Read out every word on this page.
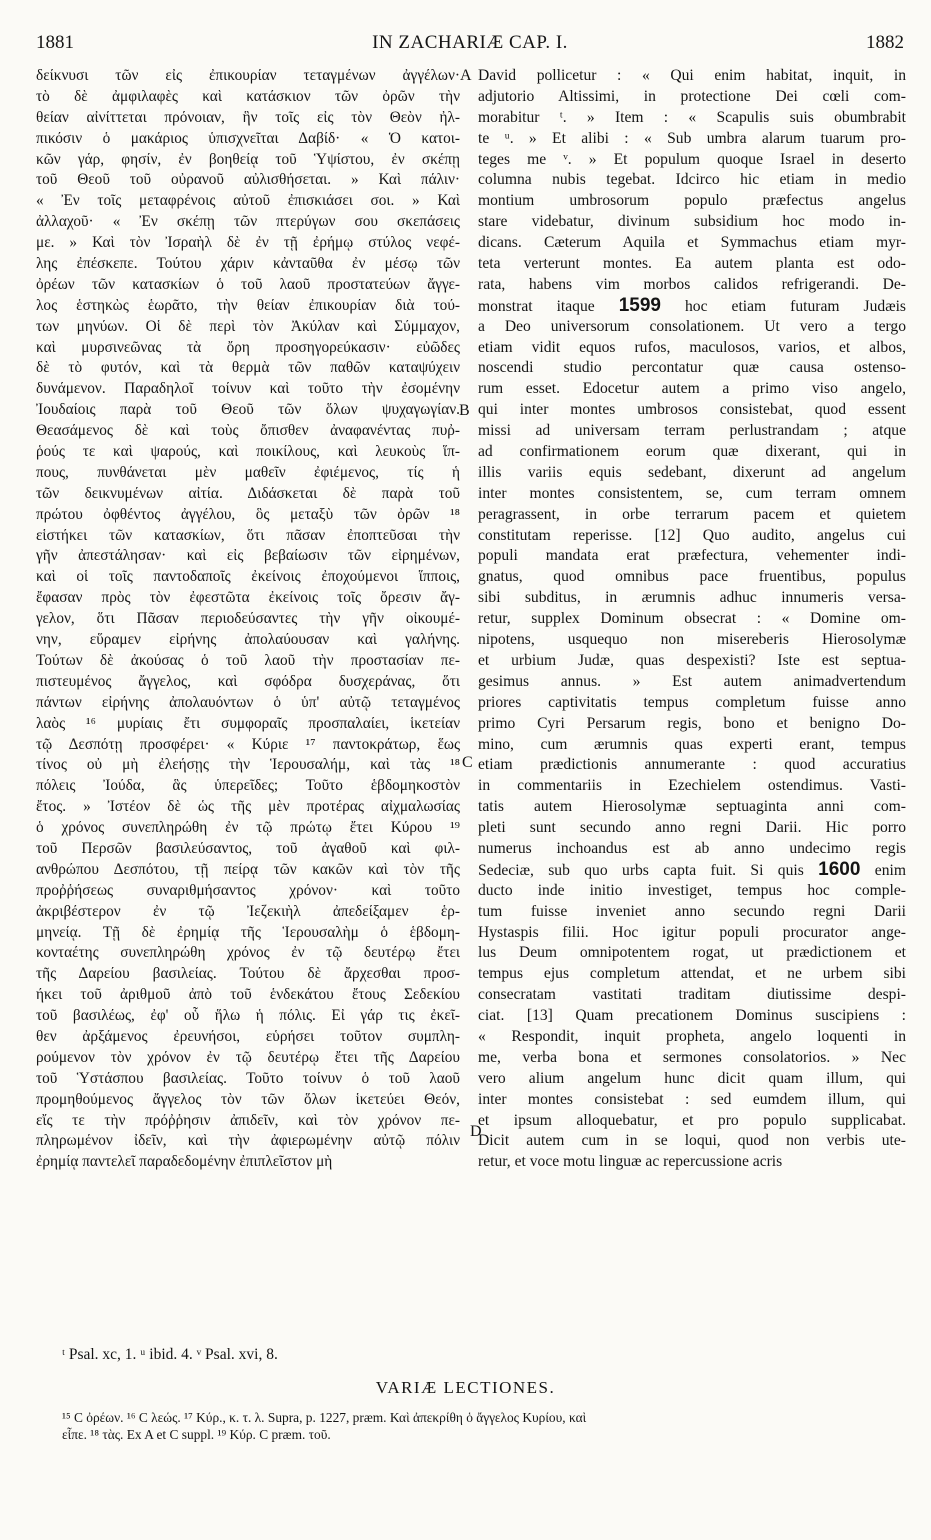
1881	IN ZACHARIÆ CAP. I.	1882
δείκνυσι τῶν εἰς ἐπικουρίαν τεταγμένων ἀγγέλων·
τὸ δὲ ἀμφιλαφὲς καὶ κατάσκιον τῶν ὀρῶν τὴν
θείαν αἰνίττεται πρόνοιαν, ἣν τοῖς εἰς τὸν Θεὸν ἠλ-
πικόσιν ὁ μακάριος ὑπισχνεῖται Δαβίδ· « Ὁ κατοι-
κῶν γάρ, φησίν, ἐν βοηθείᾳ τοῦ Ὑψίστου, ἐν σκέπῃ
τοῦ Θεοῦ τοῦ οὐρανοῦ αὐλισθήσεται. » Καὶ πάλιν·
« Ἐν τοῖς μεταφρένοις αὐτοῦ ἐπισκιάσει σοι. » Καὶ
ἀλλαχοῦ· « Ἐν σκέπῃ τῶν πτερύγων σου σκεπάσεις
με. » Καὶ τὸν Ἰσραὴλ δὲ ἐν τῇ ἐρήμῳ στύλος νεφέ-
λης ἐπέσκεπε. Τούτου χάριν κἀνταῦθα ἐν μέσῳ τῶν
ὀρέων τῶν κατασκίων ὁ τοῦ λαοῦ προστατεύων ἄγγε-
λος ἑστηκὼς ἑωρᾶτο, τὴν θείαν ἐπικουρίαν διὰ τού-
των μηνύων. Οἱ δὲ περὶ τὸν Ἀκύλαν καὶ Σύμμαχον,
καὶ μυρσινεῶνας τὰ ὄρη προσηγορεύκασιν· εὐῶδες
δὲ τὸ φυτόν, καὶ τὰ θερμὰ τῶν παθῶν καταψύχειν
δυνάμενον. Παραδηλοῖ τοίνυν καὶ τοῦτο τὴν ἐσομένην
Ἰουδαίοις παρὰ τοῦ Θεοῦ τῶν ὅλων ψυχαγωγίαν.
Θεασάμενος δὲ καὶ τοὺς ὄπισθεν ἀναφανέντας πυῤ-
ῥούς τε καὶ ψαρούς, καὶ ποικίλους, καὶ λευκοὺς ἵπ-
πους, πυνθάνεται μὲν μαθεῖν ἐφιέμενος, τίς ἡ
τῶν δεικνυμένων αἰτία. Διδάσκεται δὲ παρὰ τοῦ
πρώτου ὀφθέντος ἀγγέλου, ὃς μεταξὺ τῶν ὀρῶν ¹⁸
εἱστήκει τῶν κατασκίων, ὅτι πᾶσαν ἐποπτεῦσαι τὴν
γῆν ἀπεστάλησαν· καὶ εἰς βεβαίωσιν τῶν εἰρημένων,
καὶ οἱ τοῖς παντοδαποῖς ἐκείνοις ἐποχούμενοι ἵπποις,
ἔφασαν πρὸς τὸν ἐφεστῶτα ἐκείνοις τοῖς ὄρεσιν ἄγ-
γελον, ὅτι Πᾶσαν περιοδεύσαντες τὴν γῆν οἰκουμέ-
νην, εὕραμεν εἰρήνης ἀπολαύουσαν καὶ γαλήνης.
Τούτων δὲ ἀκούσας ὁ τοῦ λαοῦ τὴν προστασίαν πε-
πιστευμένος ἄγγελος, καὶ σφόδρα δυσχεράνας, ὅτι
πάντων εἰρήνης ἀπολαυόντων ὁ ὑπ' αὐτῷ τεταγμένος
λαὸς ¹⁶ μυρίαις ἔτι συμφοραῖς προσπαλαίει, ἱκετείαν
τῷ Δεσπότῃ προσφέρει· « Κύριε ¹⁷ παντοκράτωρ, ἕως
τίνος οὐ μὴ ἐλεήσῃς τὴν Ἱερουσαλήμ, καὶ τὰς ¹⁸
πόλεις Ἰούδα, ἃς ὑπερεῖδες; Τοῦτο ἑβδομηκοστὸν
ἔτος. » Ἰστέον δὲ ὡς τῆς μὲν προτέρας αἰχμαλωσίας
ὁ χρόνος συνεπληρώθη ἐν τῷ πρώτῳ ἔτει Κύρου ¹⁹
τοῦ Περσῶν βασιλεύσαντος, τοῦ ἀγαθοῦ καὶ φιλ-
ανθρώπου Δεσπότου, τῇ πείρᾳ τῶν κακῶν καὶ τὸν τῆς
προῤῥήσεως συναριθμήσαντος χρόνον· καὶ τοῦτο
ἀκριβέστερον ἐν τῷ Ἰεζεκιὴλ ἀπεδείξαμεν ἑρ-
μηνείᾳ. Τῇ δὲ ἐρημίᾳ τῆς Ἱερουσαλὴμ ὁ ἑβδομη-
κονταέτης συνεπληρώθη χρόνος ἐν τῷ δευτέρῳ ἔτει
τῆς Δαρείου βασιλείας. Τούτου δὲ ἄρχεσθαι προσ-
ήκει τοῦ ἀριθμοῦ ἀπὸ τοῦ ἑνδεκάτου ἔτους Σεδεκίου
τοῦ βασιλέως, ἐφ' οὗ ἥλω ἡ πόλις. Εἰ γάρ τις ἐκεῖ-
θεν ἀρξάμενος ἐρευνήσοι, εὑρήσει τοῦτον συμπλη-
ρούμενον τὸν χρόνον ἐν τῷ δευτέρῳ ἔτει τῆς Δαρείου
τοῦ Ὑστάσπου βασιλείας. Τοῦτο τοίνυν ὁ τοῦ λαοῦ
προμηθούμενος ἄγγελος τὸν τῶν ὅλων ἱκετεύει Θεόν,
εἴς τε τὴν πρόῤῥησιν ἀπιδεῖν, καὶ τὸν χρόνον πε-
πληρωμένον ἰδεῖν, καὶ τὴν ἀφιερωμένην αὐτῷ πόλιν
ἐρημίᾳ παντελεῖ παραδεδομένην ἐπιπλεῖστον μὴ
A
B
C
D
David pollicetur : « Qui enim habitat, inquit, in
adjutorio Altissimi, in protectione Dei cœli com-
morabitur ᵗ. » Item : « Scapulis suis obumbrabit
te ᵘ. » Et alibi : « Sub umbra alarum tuarum pro-
teges me ᵛ. » Et populum quoque Israel in deserto
columna nubis tegebat. Idcirco hic etiam in medio
montium umbrosorum populo præfectus angelus
stare videbatur, divinum subsidium hoc modo in-
dicans. Cæterum Aquila et Symmachus etiam myr-
teta verterunt montes. Ea autem planta est odo-
rata, habens vim morbos calidos refrigerandi. De-
monstrat itaque 1599 hoc etiam futuram Judæis
a Deo universorum consolationem. Ut vero a tergo
etiam vidit equos rufos, maculosos, varios, et albos,
noscendi studio percontatur quæ causa ostenso-
rum esset. Edocetur autem a primo viso angelo,
qui inter montes umbrosos consistebat, quod essent
missi ad universam terram perlustrandam ; atque
ad confirmationem eorum quæ dixerant, qui in
illis variis equis sedebant, dixerunt ad angelum
inter montes consistentem, se, cum terram omnem
peragrassent, in orbe terrarum pacem et quietem
constitutam reperisse. [12] Quo audito, angelus cui
populi mandata erat præfectura, vehementer indi-
gnatus, quod omnibus pace fruentibus, populus
sibi subditus, in ærumnis adhuc innumeris versa-
retur, supplex Dominum obsecrat : « Domine om-
nipotens, usquequo non misereberis Hierosolymæ
et urbium Judæ, quas despexisti? Iste est septua-
gesimus annus. » Est autem animadvertendum
priores captivitatis tempus completum fuisse anno
primo Cyri Persarum regis, bono et benigno Do-
mino, cum ærumnis quas experti erant, tempus
etiam prædictionis annumerante : quod accuratius
in commentariis in Ezechielem ostendimus. Vasti-
tatis autem Hierosolymæ septuaginta anni com-
pleti sunt secundo anno regni Darii. Hic porro
numerus inchoandus est ab anno undecimo regis
Sedeciæ, sub quo urbs capta fuit. Si quis 1600 enim
ducto inde initio investiget, tempus hoc comple-
tum fuisse inveniet anno secundo regni Darii
Hystaspis filii. Hoc igitur populi procurator ange-
lus Deum omnipotentem rogat, ut prædictionem et
tempus ejus completum attendat, et ne urbem sibi
consecratam vastitati traditam diutissime despi-
ciat. [13] Quam precationem Dominus suscipiens :
« Respondit, inquit propheta, angelo loquenti in
me, verba bona et sermones consolatorios. » Nec
vero alium angelum hunc dicit quam illum, qui
inter montes consistebat : sed eumdem illum, qui
et ipsum alloquebatur, et pro populo supplicabat.
Dicit autem cum in se loqui, quod non verbis ute-
retur, et voce motu linguæ ac repercussione acris
ᵗ Psal. xc, 1. ᵘ ibid. 4. ᵛ Psal. xvi, 8.
VARIÆ LECTIONES.
¹⁵ C ὀρέων. ¹⁶ C λεώς. ¹⁷ Κύρ., κ. τ. λ. Supra, p. 1227, præm. Καὶ ἀπεκρίθη ὁ ἄγγελος Κυρίου, καὶ
εἶπε. ¹⁸ τὰς. Ex A et C suppl. ¹⁹ Κύρ. C præm. τοῦ.
